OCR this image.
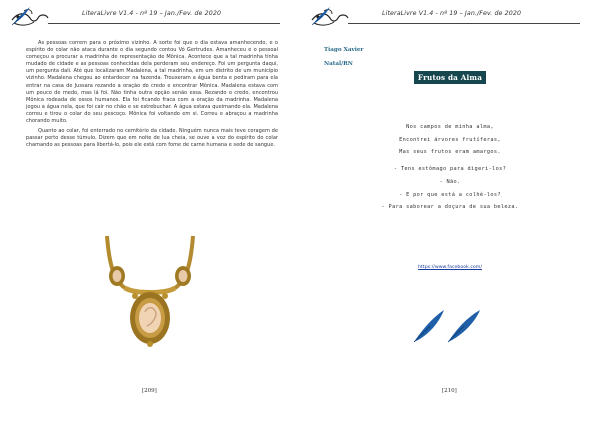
LiteraLivre V1.4 - nº 19 – Jan./Fev. de 2020

As pessoas correm para o próximo vizinho. A sorte foi que o dia estava amanhecendo, e o espírito do colar não ataca durante o dia segundo contou Vó Gertrudes. Amanheceu e o pessoal começou a procurar a madrinha de representação de Mônica. Acontece que a tal madrinha tinha mudado de cidade e as pessoas conhecidas dela perderam seu endereço. Foi um pergunta daqui, um pergunta dali. Até que localizaram Madalena, a tal madrinha, em um distrito de um município vizinho. Madalena chegou ao entardecer na fazenda. Trouxeram a água benta e pediram para ela entrar na casa de Jussara rezando a oração do credo e encontrar Mônica. Madalena estava com um pouco de medo, mas lá foi. Não tinha outra opção senão essa. Rezando o credo, encontrou Mônica rodeada de ossos humanos. Ela foi ficando fraca com a oração da madrinha. Madalena jogou a água nela, que foi cair no chão e se estrebuchar. A água estava queimando ela. Madalena correu e tirou o colar do seu pescoço. Mônica foi voltando em si. Correu e abraçou a madrinha chorando muito.

Quanto ao colar, foi enterrado no cemitério da cidade. Ninguém nunca mais teve coragem de passar perto desse túmulo. Dizem que em noite de lua cheia, se ouve a voz do espírito do colar chamando as pessoas para libertá-lo, pois ele está com fome de carne humana e sede de sangue.

[209]
LiteraLivre V1.4 - nº 19 – Jan./Fev. de 2020
Tiago Xavier
Natal/RN
Frutos da Alma
Nos campos de minha alma,
Encontrei árvores frutíferas,
Mas seus frutos eram amargos.
- Tens estômago para digeri-los?
- Não.
- E por que está a colhê-los?
- Para saborear a doçura de sua beleza.
https://www.facebook.com/
[210]
